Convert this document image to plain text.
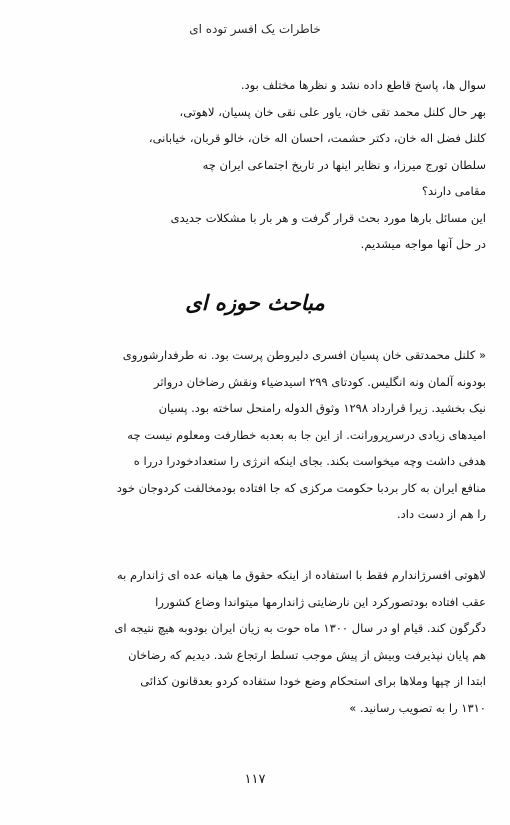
خاطرات یک افسر توده ای
سوال ها، پاسخ قاطع داده نشد و نظرها مختلف بود.
بهر حال کلنل محمد تقی خان، یاور علی نقی خان پسیان، لاهوتی،
کلنل فضل اله خان، دکتر حشمت، احسان اله خان، خالو قربان، خیابانی،
سلطان تورج میرزا، و نظایر اینها در تاریخ اجتماعی ایران چه
مقامی دارند؟
این مسائل بارها مورد بحث قرار گرفت و هر بار با مشکلات جدیدی
در حل آنها مواجه میشدیم.
مباحث حوزه ای
« کلنل محمدتقی خان پسیان افسری دلیروطن پرست بود. نه طرفدارشوروی
بودونه آلمان ونه انگلیس. کودتای ۲۹۹ اسیدضیاء ونقش رضاخان درواثر
نیک بخشید. زیرا قرارداد ۱۲۹۸ وثوق الدوله رامنحل ساخته بود. پسیان
امیدهای زیادی درسرپرورانت. از این جا به بعدبه خطارفت ومعلوم نیست چه
هدفی داشت وچه میخواست بکند. بجای اینکه انرژی را ستعدادخودرا دررا ه
منافع ایران به کار بردبا حکومت مرکزی که جا افتاده بودمخالفت کردوجان خود
را هم از دست داد.
لاهوتی افسرژاندارم فقط با استفاده از اینکه حقوق ما هیانه عده ای ژاندارم به
عقب افتاده بودتصورکرد این نارضایتی ژاندارمها میتواندا وضاع کشوررا
دگرگون کند. قیام او در سال ۱۳۰۰ ماه حوت به زیان ایران بودوبه هیچ نتیجه ای
هم پایان نپذیرفت وبیش از پیش موجب تسلط ارتجاع شد. دیدیم که رضاخان
ابتدا از چپها وملاها برای استحکام وضع خودا ستفاده کردو بعدقانون کذائی
۱۳۱۰ را به تصویب رسانید. »
۱۱۷
